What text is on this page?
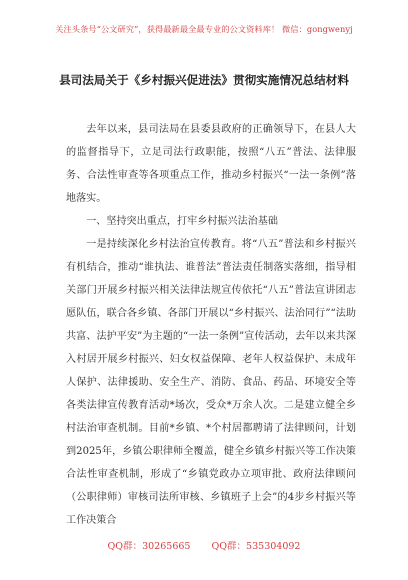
关注头条号“公文研究”，获得最新最全最专业的公文资料库！ 微信：gongwenyj
县司法局关于《乡村振兴促进法》贯彻实施情况总结材料

去年以来，县司法局在县委县政府的正确领导下，在县人大的监督指导下，立足司法行政职能，按照“八五”普法、法律服务、合法性审查等各项重点工作，推动乡村振兴“一法一条例”落地落实。

一、坚持突出重点，打牢乡村振兴法治基础

一是持续深化乡村法治宣传教育。将“八五”普法和乡村振兴有机结合，推动“谁执法、谁普法”普法责任制落实落细，指导相关部门开展乡村振兴相关法律法规宣传依托“八五”普法宣讲团志愿队伍，联合各乡镇、各部门开展以“乡村振兴、法治同行”“法助共富、法护平安”为主题的“一法一条例”宣传活动，去年以来共深入村居开展乡村振兴、妇女权益保障、老年人权益保护、未成年人保护、法律援助、安全生产、消防、食品、药品、环境安全等各类法律宣传教育活动*场次，受众*万余人次。二是建立健全乡村法治审查机制。目前*乡镇、*个村居都聘请了法律顾问，计划到2025年，乡镇公职律师全覆盖，健全乡镇乡村振兴等工作决策合法性审查机制，形成了“乡镇党政办立项审批、政府法律顾问（公职律师）审核司法所审核、乡镇班子上会”的4步乡村振兴等工作决策合

QQ群：30265665 QQ群：535304092
